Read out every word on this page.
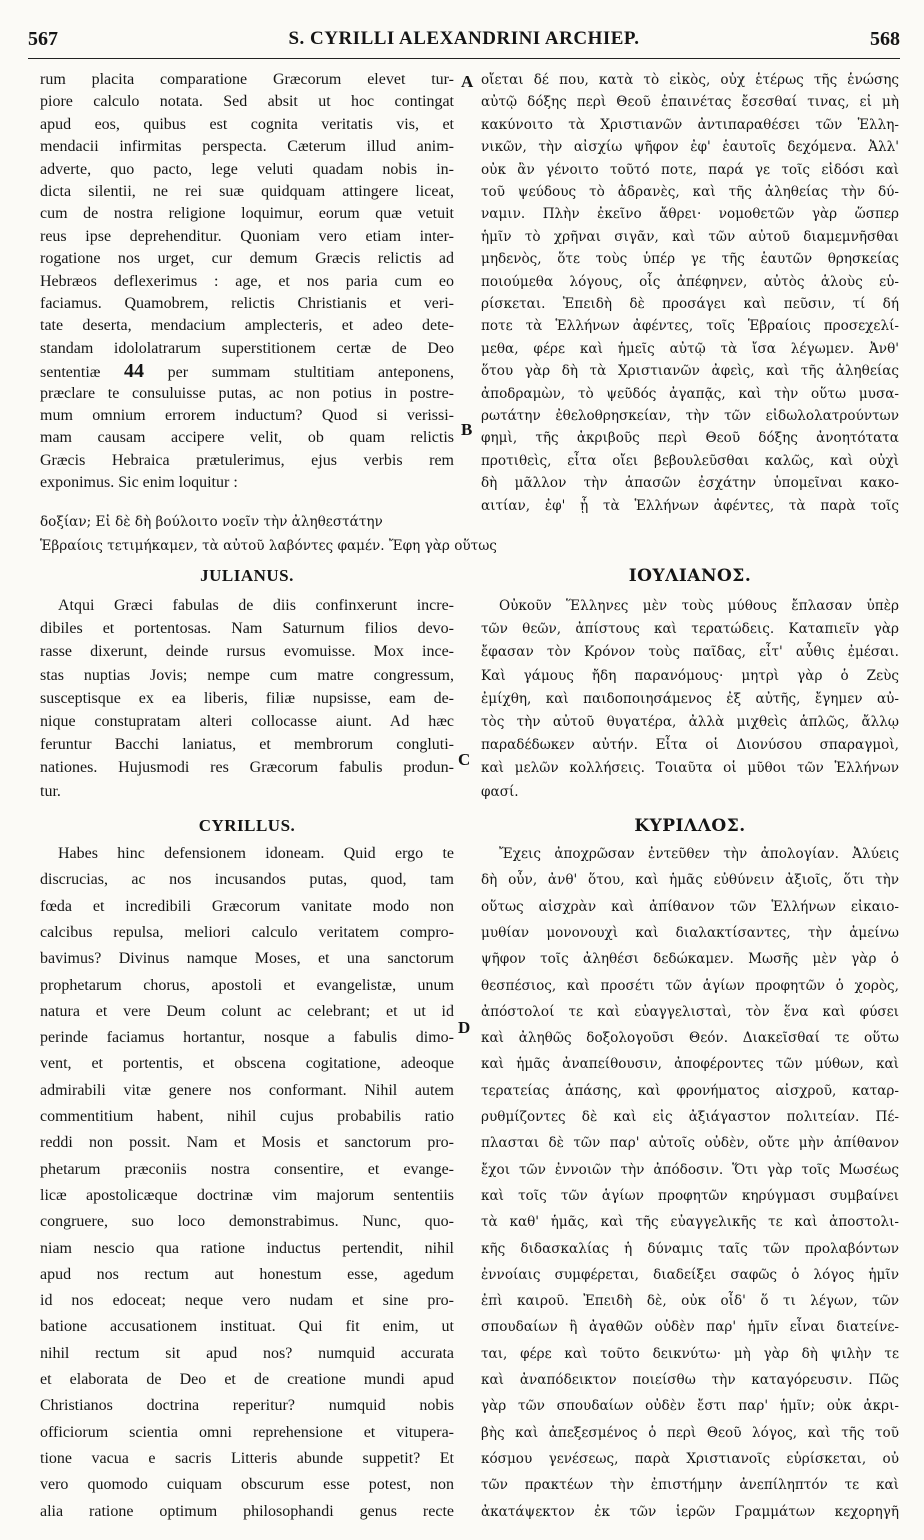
567	S. CYRILLI ALEXANDRINI ARCHIEP.	568
A
B
C
D
rum placita comparatione Græcorum elevet tur-
piore calculo notata. Sed absit ut hoc contingat
apud eos, quibus est cognita veritatis vis, et
mendacii infirmitas perspecta. Cæterum illud anim-
adverte, quo pacto, lege veluti quadam nobis in-
dicta silentii, ne rei suæ quidquam attingere liceat,
cum de nostra religione loquimur, eorum quæ vetuit
reus ipse deprehenditur. Quoniam vero etiam inter-
rogatione nos urget, cur demum Græcis relictis ad
Hebræos deflexerimus : age, et nos paria cum eo
faciamus. Quamobrem, relictis Christianis et veri-
tate deserta, mendacium amplecteris, et adeo dete-
standam idololatrarum superstitionem certæ de Deo
sententiæ 44 per summam stultitiam anteponens,
præclare te consuluisse putas, ac non potius in postre-
mum omnium errorem inductum? Quod si verissi-
mam causam accipere velit, ob quam relictis
Græcis Hebraica prætulerimus, ejus verbis rem
exponimus. Sic enim loquitur :
οἴεται δέ που, κατὰ τὸ εἰκὸς, οὐχ ἑτέρως τῆς ἑνώσης
αὐτῷ δόξης περὶ Θεοῦ ἐπαινέτας ἔσεσθαί τινας, εἰ μὴ
κακύνοιτο τὰ Χριστιανῶν ἀντιπαραθέσει τῶν Ἑλλη-
νικῶν, τὴν αἰσχίω ψῆφον ἐφ' ἑαυτοῖς δεχόμενα. Ἀλλ'
οὐκ ἂν γένοιτο τοῦτό ποτε, παρά γε τοῖς εἰδόσι καὶ
τοῦ ψεύδους τὸ ἀδρανὲς, καὶ τῆς ἀληθείας τὴν δύ-
ναμιν. Πλὴν ἐκεῖνο ἄθρει· νομοθετῶν γὰρ ὥσπερ
ἡμῖν τὸ χρῆναι σιγᾶν, καὶ τῶν αὐτοῦ διαμεμνῆσθαι
μηδενὸς, ὅτε τοὺς ὑπέρ γε τῆς ἑαυτῶν θρησκείας
ποιούμεθα λόγους, οἷς ἀπέφηνεν, αὐτὸς ἁλοὺς εὑ-
ρίσκεται. Ἐπειδὴ δὲ προσάγει καὶ πεῦσιν, τί δή
ποτε τὰ Ἑλλήνων ἀφέντες, τοῖς Ἑβραίοις προσεχελί-
μεθα, φέρε καὶ ἡμεῖς αὐτῷ τὰ ἴσα λέγωμεν. Ἀνθ'
ὅτου γὰρ δὴ τὰ Χριστιανῶν ἀφεὶς, καὶ τῆς ἀληθείας
ἀποδραμὼν, τὸ ψεῦδός ἀγαπᾷς, καὶ τὴν οὕτω μυσα-
ρωτάτην ἐθελοθρησκείαν, τὴν τῶν εἰδωλολατρούντων
φημὶ, τῆς ἀκριβοῦς περὶ Θεοῦ δόξης ἀνοητότατα
προτιθεὶς, εἶτα οἴει βεβουλεῦσθαι καλῶς, καὶ οὐχὶ
δὴ μᾶλλον τὴν ἁπασῶν ἐσχάτην ὑπομεῖναι κακο-
αιτίαν, ἐφ' ᾗ τὰ Ἑλλήνων ἀφέντες, τὰ παρὰ τοῖς
δοξίαν; Εἰ δὲ δὴ βούλοιτο νοεῖν τὴν ἀληθεστάτην
Ἑβραίοις τετιμήκαμεν, τὰ αὐτοῦ λαβόντες φαμέν. Ἔφη γὰρ οὕτως
JULIANUS.	ΙΟΥΛΙΑΝΟΣ.
Atqui Græci fabulas de diis confinxerunt incre-
dibiles et portentosas. Nam Saturnum filios devo-
rasse dixerunt, deinde rursus evomuisse. Mox ince-
stas nuptias Jovis; nempe cum matre congressum,
susceptisque ex ea liberis, filiæ nupsisse, eam de-
nique constupratam alteri collocasse aiunt. Ad hæc
feruntur Bacchi laniatus, et membrorum congluti-
nationes. Hujusmodi res Græcorum fabulis produn-
tur.
Οὐκοῦν Ἕλληνες μὲν τοὺς μύθους ἔπλασαν ὑπὲρ
τῶν θεῶν, ἀπίστους καὶ τερατώδεις. Καταπιεῖν γὰρ
ἔφασαν τὸν Κρόνον τοὺς παῖδας, εἶτ' αὖθις ἐμέσαι.
Καὶ γάμους ἤδη παρανόμους· μητρὶ γὰρ ὁ Ζεὺς
ἐμίχθη, καὶ παιδοποιησάμενος ἐξ αὐτῆς, ἔγημεν αὐ-
τὸς τὴν αὐτοῦ θυγατέρα, ἀλλὰ μιχθεὶς ἁπλῶς, ἄλλῳ
παραδέδωκεν αὐτήν. Εἶτα οἱ Διονύσου σπαραγμοὶ,
καὶ μελῶν κολλήσεις. Τοιαῦτα οἱ μῦθοι τῶν Ἑλλήνων
φασί.
CYRILLUS.	ΚΥΡΙΛΛΟΣ.
Habes hinc defensionem idoneam. Quid ergo te
discrucias, ac nos incusandos putas, quod, tam
fœda et incredibili Græcorum vanitate modo non
calcibus repulsa, meliori calculo veritatem compro-
bavimus? Divinus namque Moses, et una sanctorum
prophetarum chorus, apostoli et evangelistæ, unum
natura et vere Deum colunt ac celebrant; et ut id
perinde faciamus hortantur, nosque a fabulis dimo-
vent, et portentis, et obscena cogitatione, adeoque
admirabili vitæ genere nos conformant. Nihil autem
commentitium habent, nihil cujus probabilis ratio
reddi non possit. Nam et Mosis et sanctorum pro-
phetarum præconiis nostra consentire, et evange-
licæ apostolicæque doctrinæ vim majorum sententiis
congruere, suo loco demonstrabimus. Nunc, quo-
niam nescio qua ratione inductus pertendit, nihil
apud nos rectum aut honestum esse, agedum
id nos edoceat; neque vero nudam et sine pro-
batione accusationem instituat. Qui fit enim, ut
nihil rectum sit apud nos? numquid accurata
et elaborata de Deo et de creatione mundi apud
Christianos doctrina reperitur? numquid nobis
officiorum scientia omni reprehensione et vitupera-
tione vacua e sacris Litteris abunde suppetit? Et
vero quomodo cuiquam obscurum esse potest, non
alia ratione optimum philosophandi genus recte
Ἔχεις ἀποχρῶσαν ἐντεῦθεν τὴν ἀπολογίαν. Ἀλύεις
δὴ οὖν, ἀνθ' ὅτου, καὶ ἡμᾶς εὐθύνειν ἀξιοῖς, ὅτι τὴν
οὕτως αἰσχρὰν καὶ ἀπίθανον τῶν Ἑλλήνων εἰκαιο-
μυθίαν μονονουχὶ καὶ διαλακτίσαντες, τὴν ἀμείνω
ψῆφον τοῖς ἀληθέσι δεδώκαμεν. Μωσῆς μὲν γὰρ ὁ
θεσπέσιος, καὶ προσέτι τῶν ἁγίων προφητῶν ὁ χορὸς,
ἀπόστολοί τε καὶ εὐαγγελισταὶ, τὸν ἕνα καὶ φύσει
καὶ ἀληθῶς δοξολογοῦσι Θεόν. Διακεῖσθαί τε οὕτω
καὶ ἡμᾶς ἀναπείθουσιν, ἀποφέροντες τῶν μύθων, καὶ
τερατείας ἁπάσης, καὶ φρονήματος αἰσχροῦ, καταρ-
ρυθμίζοντες δὲ καὶ εἰς ἀξιάγαστον πολιτείαν. Πέ-
πλασται δὲ τῶν παρ' αὐτοῖς οὐδὲν, οὔτε μὴν ἀπίθανον
ἔχοι τῶν ἐννοιῶν τὴν ἀπόδοσιν. Ὅτι γὰρ τοῖς Μωσέως
καὶ τοῖς τῶν ἁγίων προφητῶν κηρύγμασι συμβαίνει
τὰ καθ' ἡμᾶς, καὶ τῆς εὐαγγελικῆς τε καὶ ἀποστολι-
κῆς διδασκαλίας ἡ δύναμις ταῖς τῶν προλαβόντων
ἐννοίαις συμφέρεται, διαδείξει σαφῶς ὁ λόγος ἡμῖν
ἐπὶ καιροῦ. Ἐπειδὴ δὲ, οὐκ οἶδ' ὅ τι λέγων, τῶν
σπουδαίων ἢ ἀγαθῶν οὐδὲν παρ' ἡμῖν εἶναι διατείνε-
ται, φέρε καὶ τοῦτο δεικνύτω· μὴ γὰρ δὴ ψιλὴν τε
καὶ ἀναπόδεικτον ποιείσθω τὴν καταγόρευσιν. Πῶς
γὰρ τῶν σπουδαίων οὐδὲν ἔστι παρ' ἡμῖν; οὐκ ἀκρι-
βὴς καὶ ἀπεξεσμένος ὁ περὶ Θεοῦ λόγος, καὶ τῆς τοῦ
κόσμου γενέσεως, παρὰ Χριστιανοῖς εὑρίσκεται, οὐ
τῶν πρακτέων τὴν ἐπιστήμην ἀνεπίληπτόν τε καὶ
ἀκατάψεκτον ἐκ τῶν ἱερῶν Γραμμάτων κεχορηγῆ
